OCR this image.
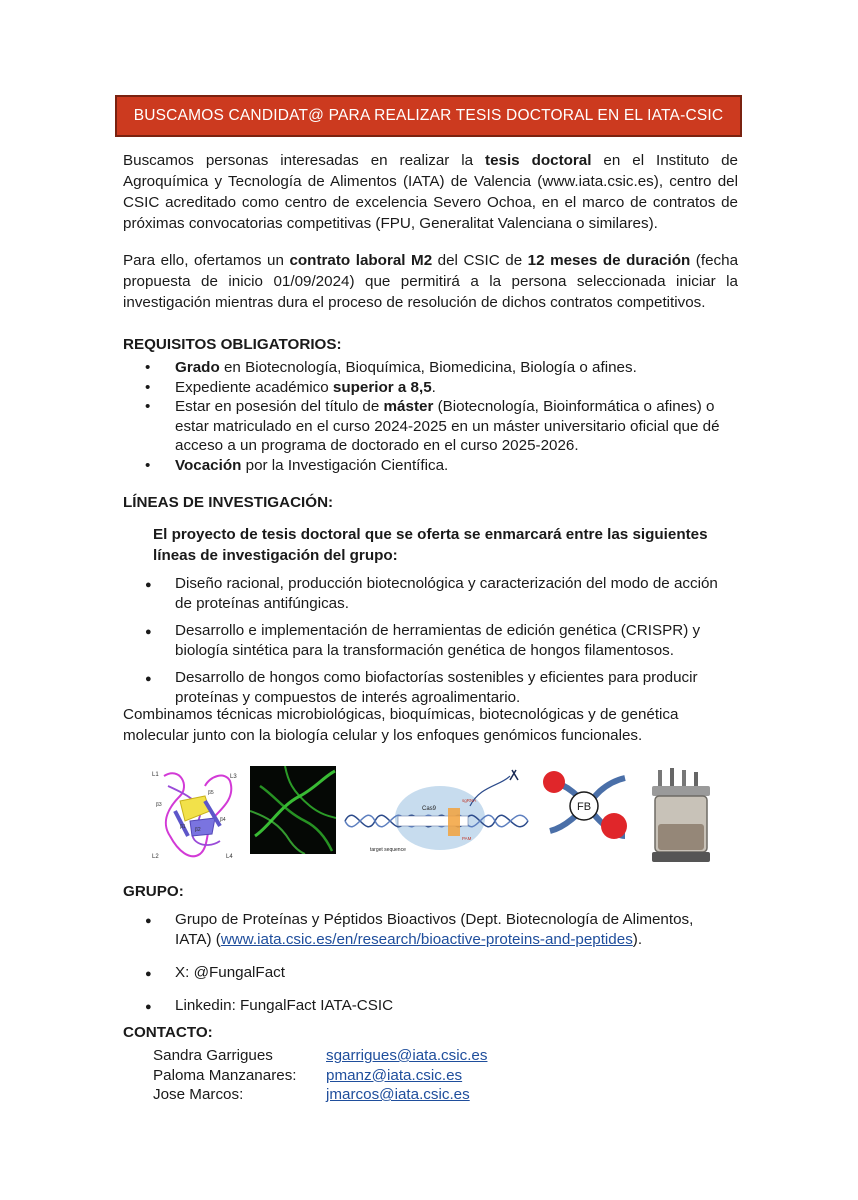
BUSCAMOS CANDIDAT@ PARA REALIZAR TESIS DOCTORAL EN EL IATA-CSIC

Buscamos personas interesadas en realizar la tesis doctoral en el Instituto de Agroquímica y Tecnología de Alimentos (IATA) de Valencia (www.iata.csic.es), centro del CSIC acreditado como centro de excelencia Severo Ochoa, en el marco de contratos de próximas convocatorias competitivas (FPU, Generalitat Valenciana o similares).

Para ello, ofertamos un contrato laboral M2 del CSIC de 12 meses de duración (fecha propuesta de inicio 01/09/2024) que permitirá a la persona seleccionada iniciar la investigación mientras dura el proceso de resolución de dichos contratos competitivos.

REQUISITOS OBLIGATORIOS:
• Grado en Biotecnología, Bioquímica, Biomedicina, Biología o afines.
• Expediente académico superior a 8,5.
• Estar en posesión del título de máster (Biotecnología, Bioinformática o afines) o estar matriculado en el curso 2024-2025 en un máster universitario oficial que dé acceso a un programa de doctorado en el curso 2025-2026.
• Vocación por la Investigación Científica.
LÍNEAS DE INVESTIGACIÓN:
El proyecto de tesis doctoral que se oferta se enmarcará entre las siguientes líneas de investigación del grupo:
● Diseño racional, producción biotecnológica y caracterización del modo de acción de proteínas antifúngicas.
● Desarrollo e implementación de herramientas de edición genética (CRISPR) y biología sintética para la transformación genética de hongos filamentosos.
● Desarrollo de hongos como biofactorías sostenibles y eficientes para producir proteínas y compuestos de interés agroalimentario.

Combinamos técnicas microbiológicas, bioquímicas, biotecnológicas y de genética molecular junto con la biología celular y los enfoques genómicos funcionales.

GRUPO:
● Grupo de Proteínas y Péptidos Bioactivos (Dept. Biotecnología de Alimentos, IATA) (www.iata.csic.es/en/research/bioactive-proteins-and-peptides).
● X: @FungalFact
● Linkedin: FungalFact IATA-CSIC
CONTACTO:
Sandra Garrigues	sgarrigues@iata.csic.es
Paloma Manzanares: pmanz@iata.csic.es
Jose Marcos:	jmarcos@iata.csic.es
L1
L2
L3
L4
β3
β1 β2
β4
β5
Cas9
target sequence
sgRNA
PAM
FB
